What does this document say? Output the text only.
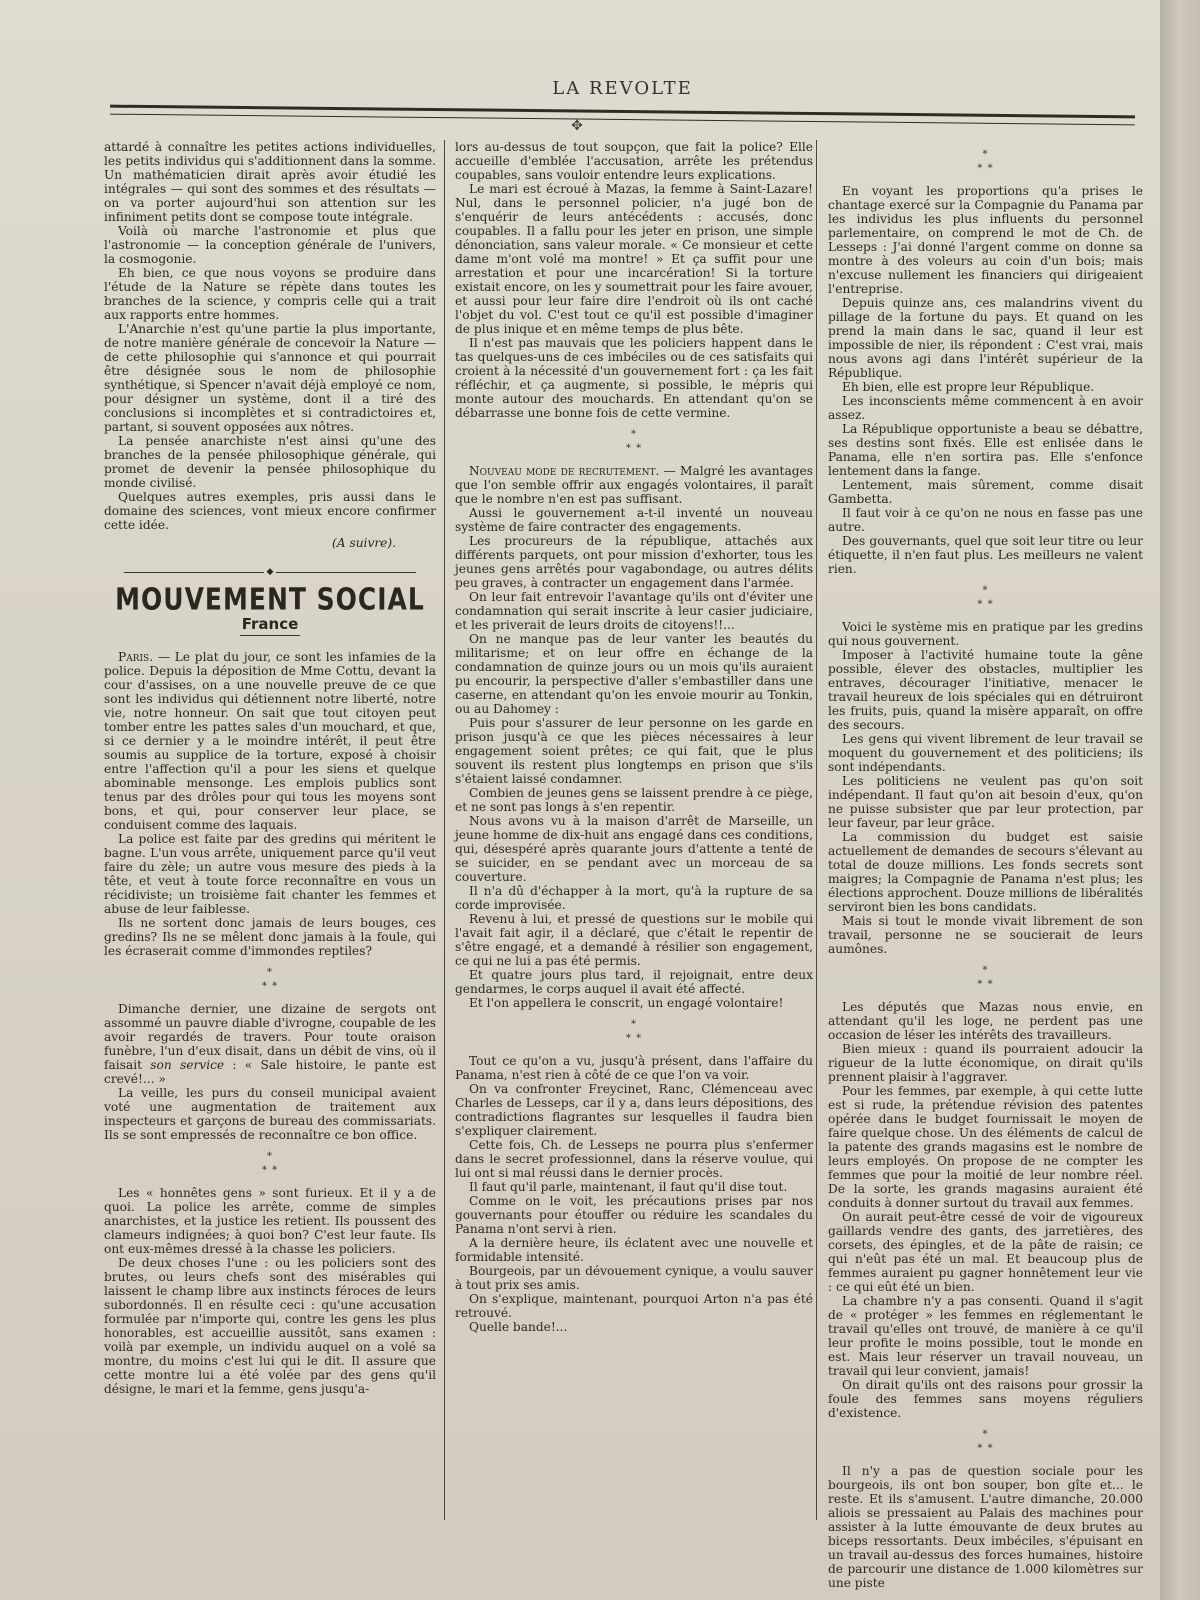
LA REVOLTE
✥

attardé à connaître les petites actions individuelles, les petits individus qui s'additionnent dans la somme. Un mathématicien dirait après avoir étudié les intégrales — qui sont des sommes et des résultats — on va porter aujourd'hui son attention sur les infiniment petits dont se compose toute intégrale.

Voilà où marche l'astronomie et plus que l'astronomie — la conception générale de l'univers, la cosmogonie.

Eh bien, ce que nous voyons se produire dans l'étude de la Nature se répète dans toutes les branches de la science, y compris celle qui a trait aux rapports entre hommes.

L'Anarchie n'est qu'une partie la plus importante, de notre manière générale de concevoir la Nature — de cette philosophie qui s'annonce et qui pourrait être désignée sous le nom de philosophie synthétique, si Spencer n'avait déjà employé ce nom, pour désigner un système, dont il a tiré des conclusions si incomplètes et si contradictoires et, partant, si souvent opposées aux nôtres.

La pensée anarchiste n'est ainsi qu'une des branches de la pensée philosophique générale, qui promet de devenir la pensée philosophique du monde civilisé.

Quelques autres exemples, pris aussi dans le domaine des sciences, vont mieux encore confirmer cette idée.

(A suivre).
◆
MOUVEMENT SOCIAL
France

Paris. — Le plat du jour, ce sont les infamies de la police. Depuis la déposition de Mme Cottu, devant la cour d'assises, on a une nouvelle preuve de ce que sont les individus qui détiennent notre liberté, notre vie, notre honneur. On sait que tout citoyen peut tomber entre les pattes sales d'un mouchard, et que, si ce dernier y a le moindre intérêt, il peut être soumis au supplice de la torture, exposé à choisir entre l'affection qu'il a pour les siens et quelque abominable mensonge. Les emplois publics sont tenus par des drôles pour qui tous les moyens sont bons, et qui, pour conserver leur place, se conduisent comme des laquais.

La police est faite par des gredins qui méritent le bagne. L'un vous arrête, uniquement parce qu'il veut faire du zèle; un autre vous mesure des pieds à la tête, et veut à toute force reconnaître en vous un récidiviste; un troisième fait chanter les femmes et abuse de leur faiblesse.

Ils ne sortent donc jamais de leurs bouges, ces gredins? Ils ne se mêlent donc jamais à la foule, qui les écraserait comme d'immondes reptiles?

*
* *

Dimanche dernier, une dizaine de sergots ont assommé un pauvre diable d'ivrogne, coupable de les avoir regardés de travers. Pour toute oraison funèbre, l'un d'eux disait, dans un débit de vins, où il faisait son service : « Sale histoire, le pante est crevé!... »

La veille, les purs du conseil municipal avaient voté une augmentation de traitement aux inspecteurs et garçons de bureau des commissariats. Ils se sont empressés de reconnaître ce bon office.

*
* *

Les « honnêtes gens » sont furieux. Et il y a de quoi. La police les arrête, comme de simples anarchistes, et la justice les retient. Ils poussent des clameurs indignées; à quoi bon? C'est leur faute. Ils ont eux-mêmes dressé à la chasse les policiers.

De deux choses l'une : ou les policiers sont des brutes, ou leurs chefs sont des misérables qui laissent le champ libre aux instincts féroces de leurs subordonnés. Il en résulte ceci : qu'une accusation formulée par n'importe qui, contre les gens les plus honorables, est accueillie aussitôt, sans examen : voilà par exemple, un individu auquel on a volé sa montre, du moins c'est lui qui le dit. Il assure que cette montre lui a été volée par des gens qu'il désigne, le mari et la femme, gens jusqu'a-

lors au-dessus de tout soupçon, que fait la police? Elle accueille d'emblée l'accusation, arrête les prétendus coupables, sans vouloir entendre leurs explications.

Le mari est écroué à Mazas, la femme à Saint-Lazare! Nul, dans le personnel policier, n'a jugé bon de s'enquérir de leurs antécédents : accusés, donc coupables. Il a fallu pour les jeter en prison, une simple dénonciation, sans valeur morale. « Ce monsieur et cette dame m'ont volé ma montre! » Et ça suffit pour une arrestation et pour une incarcération! Si la torture existait encore, on les y soumettrait pour les faire avouer, et aussi pour leur faire dire l'endroit où ils ont caché l'objet du vol. C'est tout ce qu'il est possible d'imaginer de plus inique et en même temps de plus bête.

Il n'est pas mauvais que les policiers happent dans le tas quelques-uns de ces imbéciles ou de ces satisfaits qui croient à la nécessité d'un gouvernement fort : ça les fait réfléchir, et ça augmente, si possible, le mépris qui monte autour des mouchards. En attendant qu'on se débarrasse une bonne fois de cette vermine.

*
* *

Nouveau mode de recrutement. — Malgré les avantages que l'on semble offrir aux engagés volontaires, il paraît que le nombre n'en est pas suffisant.

Aussi le gouvernement a-t-il inventé un nouveau système de faire contracter des engagements.

Les procureurs de la république, attachés aux différents parquets, ont pour mission d'exhorter, tous les jeunes gens arrêtés pour vagabondage, ou autres délits peu graves, à contracter un engagement dans l'armée.

On leur fait entrevoir l'avantage qu'ils ont d'éviter une condamnation qui serait inscrite à leur casier judiciaire, et les priverait de leurs droits de citoyens!!...

On ne manque pas de leur vanter les beautés du militarisme; et on leur offre en échange de la condamnation de quinze jours ou un mois qu'ils auraient pu encourir, la perspective d'aller s'embastiller dans une caserne, en attendant qu'on les envoie mourir au Tonkin, ou au Dahomey :

Puis pour s'assurer de leur personne on les garde en prison jusqu'à ce que les pièces nécessaires à leur engagement soient prêtes; ce qui fait, que le plus souvent ils restent plus longtemps en prison que s'ils s'étaient laissé condamner.

Combien de jeunes gens se laissent prendre à ce piège, et ne sont pas longs à s'en repentir.

Nous avons vu à la maison d'arrêt de Marseille, un jeune homme de dix-huit ans engagé dans ces conditions, qui, désespéré après quarante jours d'attente a tenté de se suicider, en se pendant avec un morceau de sa couverture.

Il n'a dû d'échapper à la mort, qu'à la rupture de sa corde improvisée.

Revenu à lui, et pressé de questions sur le mobile qui l'avait fait agir, il a déclaré, que c'était le repentir de s'être engagé, et a demandé à résilier son engagement, ce qui ne lui a pas été permis.

Et quatre jours plus tard, il rejoignait, entre deux gendarmes, le corps auquel il avait été affecté.

Et l'on appellera le conscrit, un engagé volontaire!

*
* *

Tout ce qu'on a vu, jusqu'à présent, dans l'affaire du Panama, n'est rien à côté de ce que l'on va voir.

On va confronter Freycinet, Ranc, Clémenceau avec Charles de Lesseps, car il y a, dans leurs dépositions, des contradictions flagrantes sur lesquelles il faudra bien s'expliquer clairement.

Cette fois, Ch. de Lesseps ne pourra plus s'enfermer dans le secret professionnel, dans la réserve voulue, qui lui ont si mal réussi dans le dernier procès.

Il faut qu'il parle, maintenant, il faut qu'il dise tout.

Comme on le voit, les précautions prises par nos gouvernants pour étouffer ou réduire les scandales du Panama n'ont servi à rien.

A la dernière heure, ils éclatent avec une nouvelle et formidable intensité.

Bourgeois, par un dévouement cynique, a voulu sauver à tout prix ses amis.

On s'explique, maintenant, pourquoi Arton n'a pas été retrouvé.

Quelle bande!...

*
* *

En voyant les proportions qu'a prises le chantage exercé sur la Compagnie du Panama par les individus les plus influents du personnel parlementaire, on comprend le mot de Ch. de Lesseps : J'ai donné l'argent comme on donne sa montre à des voleurs au coin d'un bois; mais n'excuse nullement les financiers qui dirigeaient l'entreprise.

Depuis quinze ans, ces malandrins vivent du pillage de la fortune du pays. Et quand on les prend la main dans le sac, quand il leur est impossible de nier, ils répondent : C'est vrai, mais nous avons agi dans l'intérêt supérieur de la République.

Eh bien, elle est propre leur République.

Les inconscients même commencent à en avoir assez.

La République opportuniste a beau se débattre, ses destins sont fixés. Elle est enlisée dans le Panama, elle n'en sortira pas. Elle s'enfonce lentement dans la fange.

Lentement, mais sûrement, comme disait Gambetta.

Il faut voir à ce qu'on ne nous en fasse pas une autre.

Des gouvernants, quel que soit leur titre ou leur étiquette, il n'en faut plus. Les meilleurs ne valent rien.

*
* *

Voici le système mis en pratique par les gredins qui nous gouvernent.

Imposer à l'activité humaine toute la gêne possible, élever des obstacles, multiplier les entraves, décourager l'initiative, menacer le travail heureux de lois spéciales qui en détruiront les fruits, puis, quand la misère apparaît, on offre des secours.

Les gens qui vivent librement de leur travail se moquent du gouvernement et des politiciens; ils sont indépendants.

Les politiciens ne veulent pas qu'on soit indépendant. Il faut qu'on ait besoin d'eux, qu'on ne puisse subsister que par leur protection, par leur faveur, par leur grâce.

La commission du budget est saisie actuellement de demandes de secours s'élevant au total de douze millions. Les fonds secrets sont maigres; la Compagnie de Panama n'est plus; les élections approchent. Douze millions de libéralités serviront bien les bons candidats.

Mais si tout le monde vivait librement de son travail, personne ne se soucierait de leurs aumônes.

*
* *

Les députés que Mazas nous envie, en attendant qu'il les loge, ne perdent pas une occasion de léser les intérêts des travailleurs.

Bien mieux : quand ils pourraient adoucir la rigueur de la lutte économique, on dirait qu'ils prennent plaisir à l'aggraver.

Pour les femmes, par exemple, à qui cette lutte est si rude, la prétendue révision des patentes opérée dans le budget fournissait le moyen de faire quelque chose. Un des éléments de calcul de la patente des grands magasins est le nombre de leurs employés. On propose de ne compter les femmes que pour la moitié de leur nombre réel. De la sorte, les grands magasins auraient été conduits à donner surtout du travail aux femmes.

On aurait peut-être cessé de voir de vigoureux gaillards vendre des gants, des jarretières, des corsets, des épingles, et de la pâte de raisin; ce qui n'eût pas été un mal. Et beaucoup plus de femmes auraient pu gagner honnêtement leur vie : ce qui eût été un bien.

La chambre n'y a pas consenti. Quand il s'agit de « protéger » les femmes en réglementant le travail qu'elles ont trouvé, de manière à ce qu'il leur profite le moins possible, tout le monde en est. Mais leur réserver un travail nouveau, un travail qui leur convient, jamais!

On dirait qu'ils ont des raisons pour grossir la foule des femmes sans moyens réguliers d'existence.

*
* *

Il n'y a pas de question sociale pour les bourgeois, ils ont bon souper, bon gîte et... le reste. Et ils s'amusent. L'autre dimanche, 20.000 aliois se pressaient au Palais des machines pour assister à la lutte émouvante de deux brutes au biceps ressortants. Deux imbéciles, s'épuisant en un travail au-dessus des forces humaines, histoire de parcourir une distance de 1.000 kilomètres sur une piste
